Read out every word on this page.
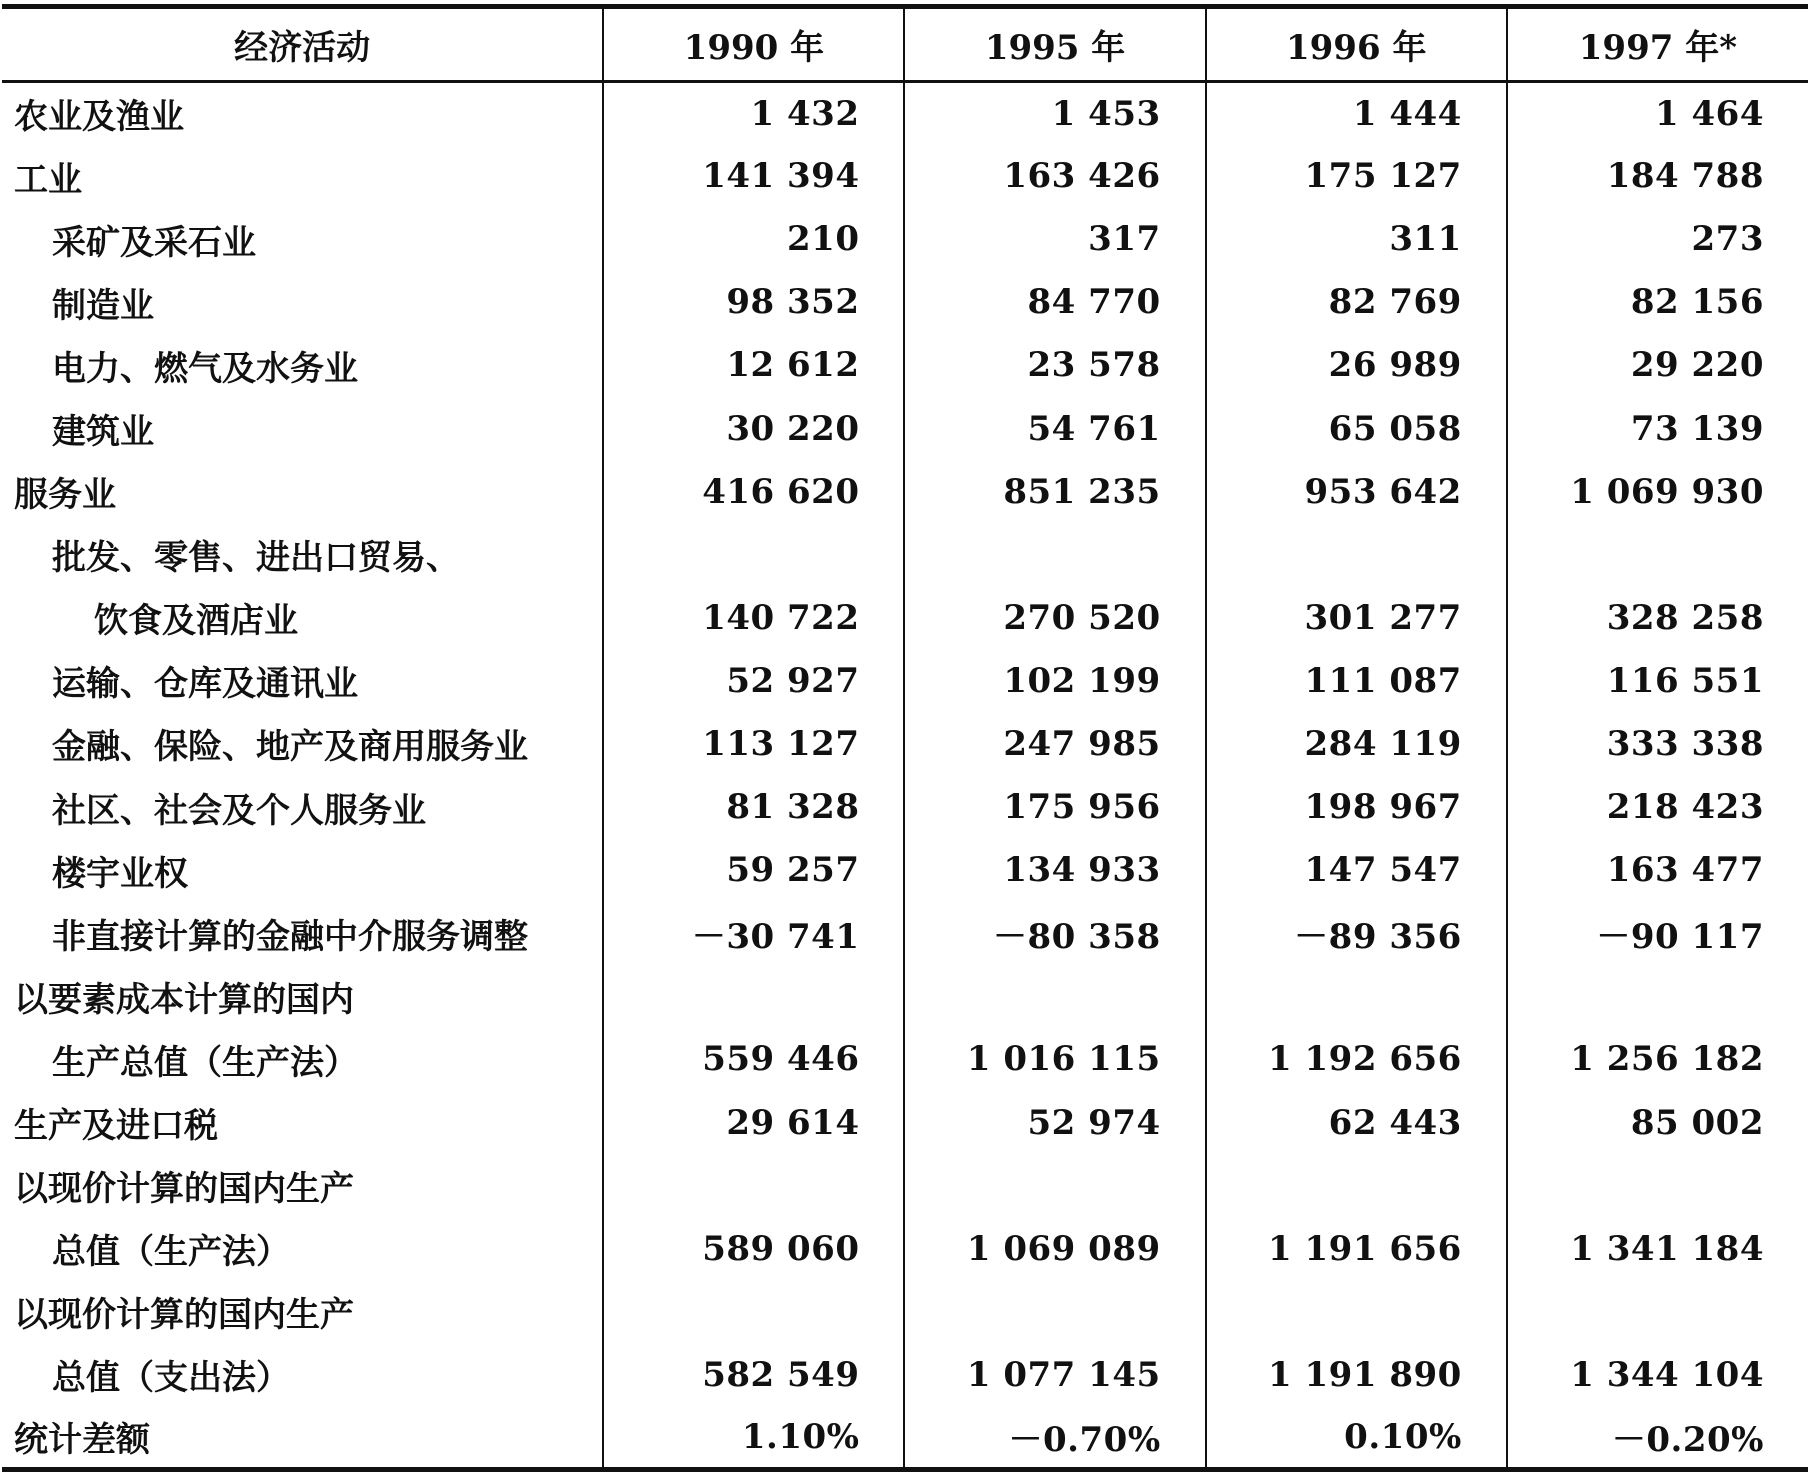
经济活动	1990 年	1995 年	1996 年	1997 年*
农业及渔业	1 432	1 453	1 444	1 464
工业	141 394	163 426	175 127	184 788
采矿及采石业	210	317	311	273
制造业	98 352	84 770	82 769	82 156
电力、燃气及水务业	12 612	23 578	26 989	29 220
建筑业	30 220	54 761	65 058	73 139
服务业	416 620	851 235	953 642	1 069 930
批发、零售、进出口贸易、				
饮食及酒店业	140 722	270 520	301 277	328 258
运输、仓库及通讯业	52 927	102 199	111 087	116 551
金融、保险、地产及商用服务业	113 127	247 985	284 119	333 338
社区、社会及个人服务业	81 328	175 956	198 967	218 423
楼宇业权	59 257	134 933	147 547	163 477
非直接计算的金融中介服务调整	－30 741	－80 358	－89 356	－90 117
以要素成本计算的国内				
生产总值（生产法）	559 446	1 016 115	1 192 656	1 256 182
生产及进口税	29 614	52 974	62 443	85 002
以现价计算的国内生产				
总值（生产法）	589 060	1 069 089	1 191 656	1 341 184
以现价计算的国内生产				
总值（支出法）	582 549	1 077 145	1 191 890	1 344 104
统计差额	1.10%	－0.70%	0.10%	－0.20%
